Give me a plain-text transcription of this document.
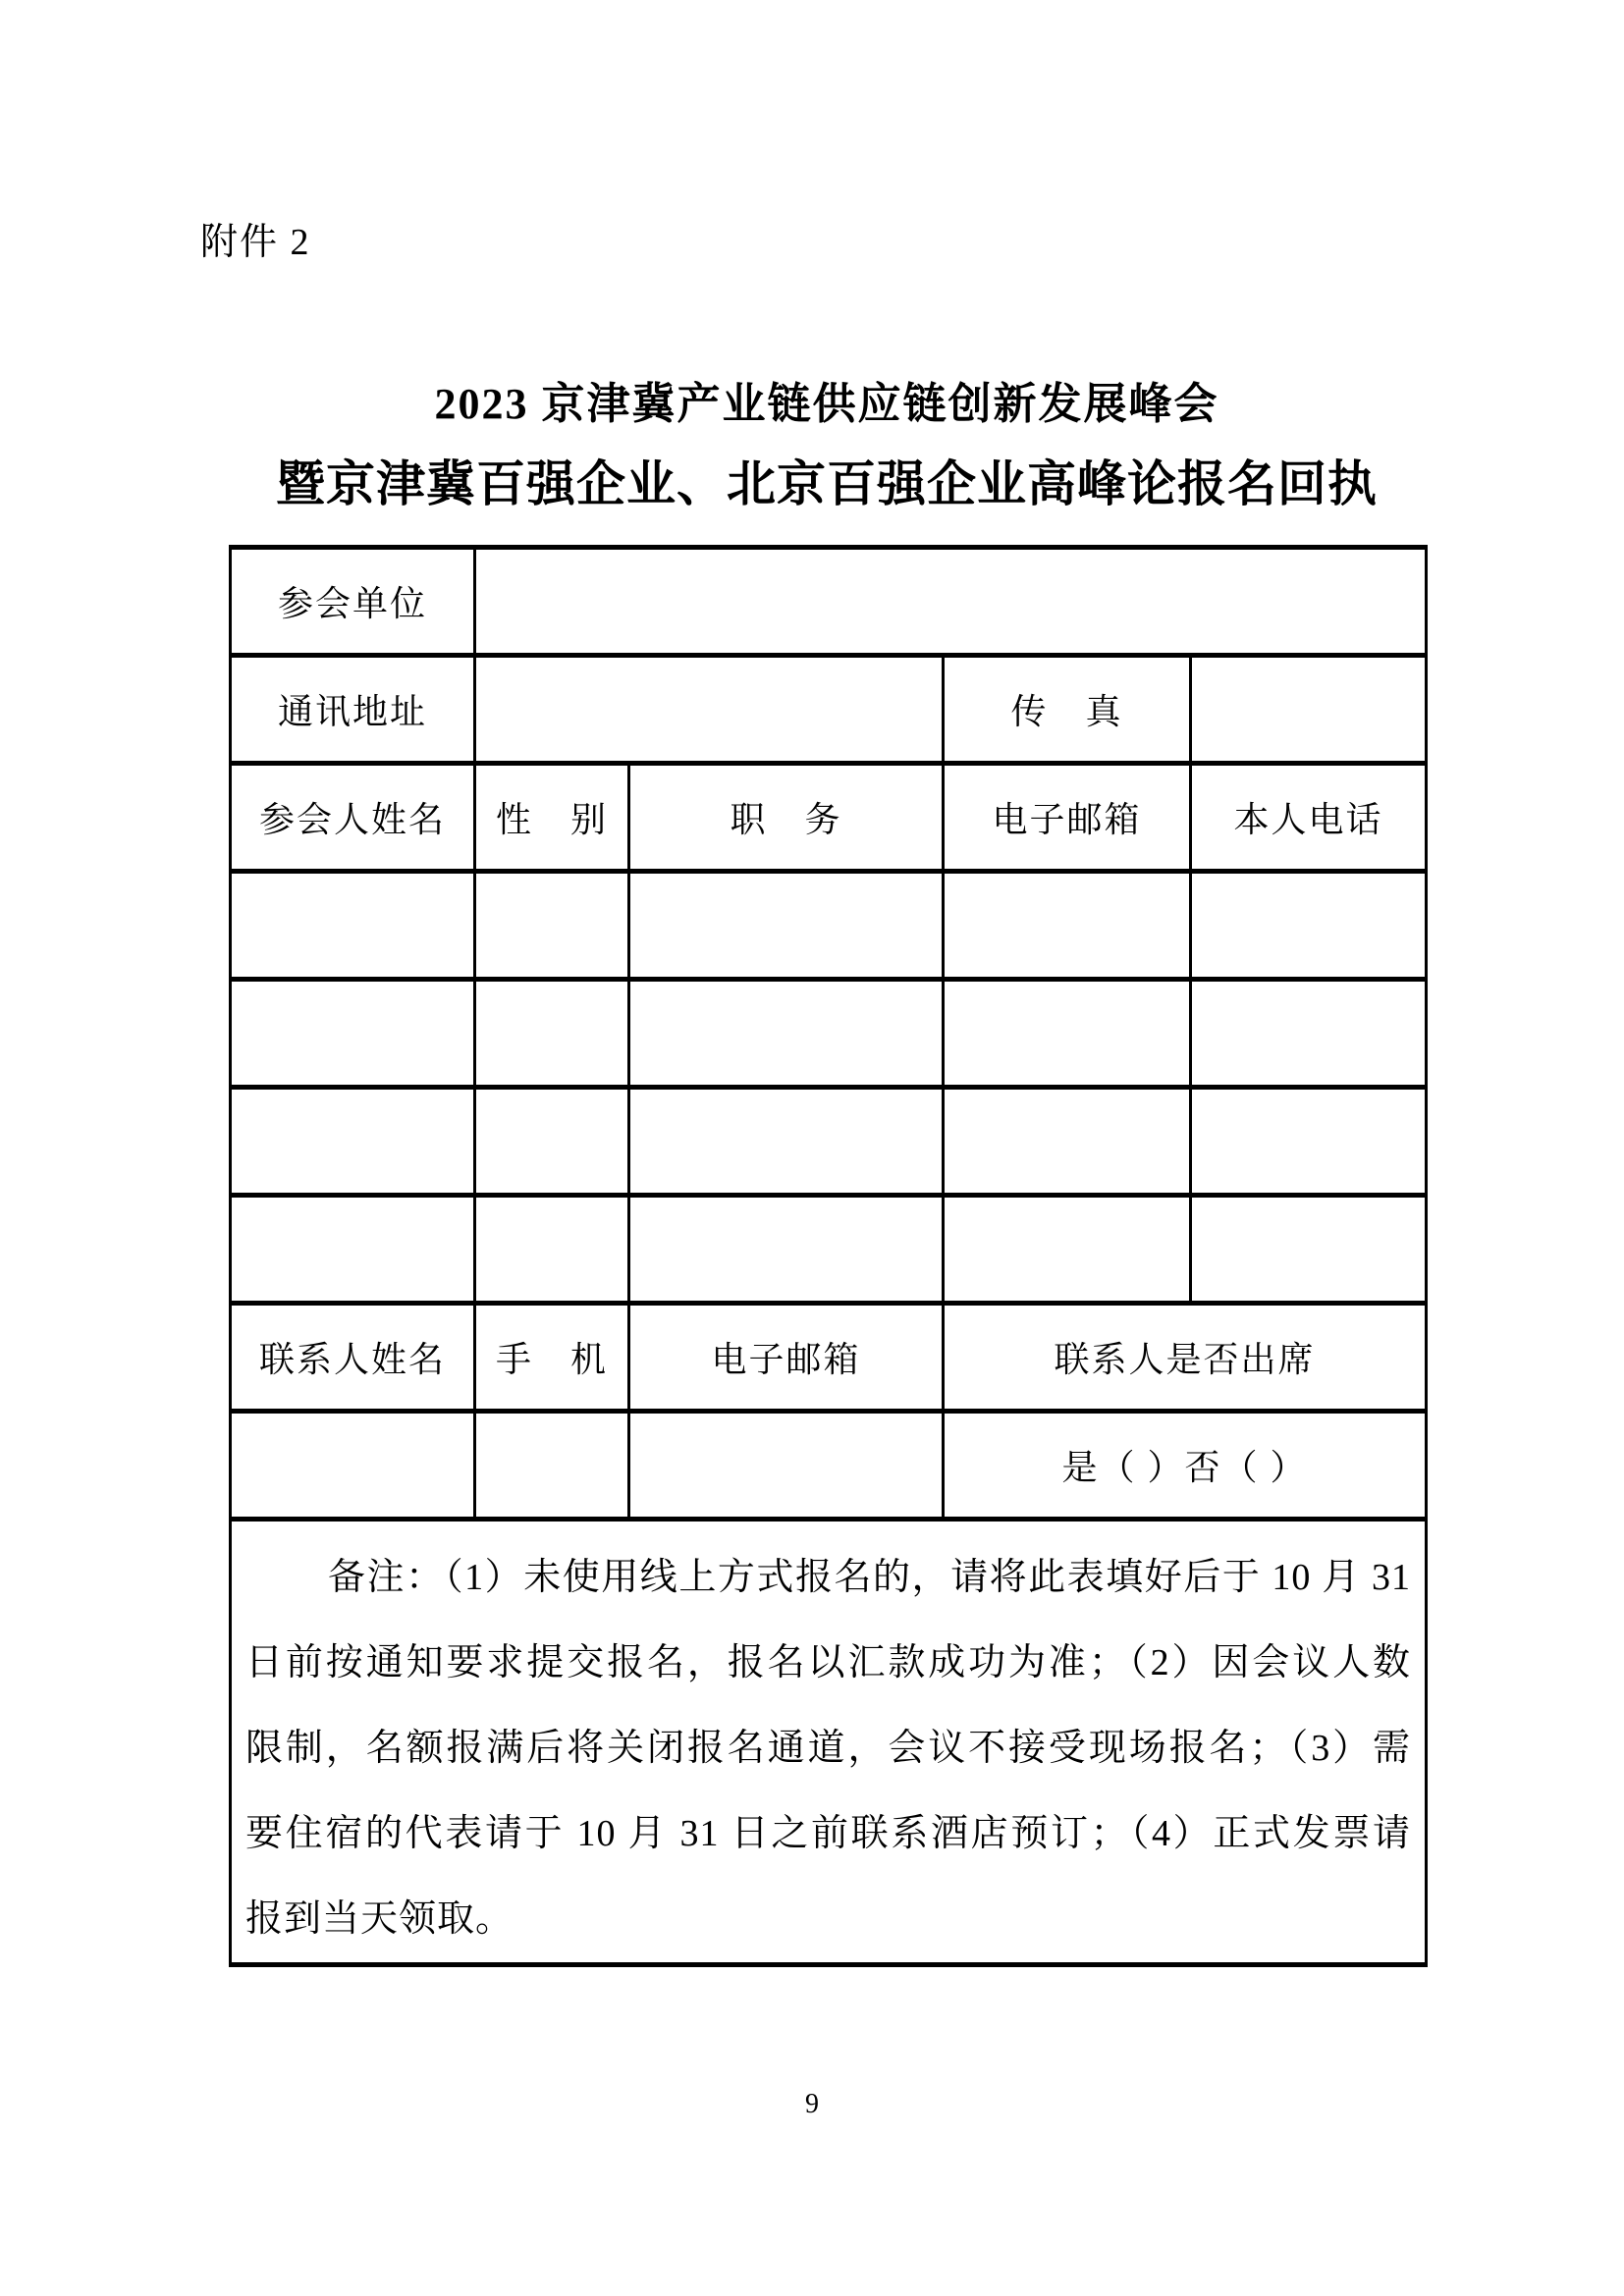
附件 2
2023 京津冀产业链供应链创新发展峰会
暨京津冀百强企业、北京百强企业高峰论报名回执
参会单位				
通讯地址			传　真	
参会人姓名	性　别	职　务	电子邮箱	本人电话

联系人姓名	手　机	电子邮箱	联系人是否出席	
			是（ ）否（ ）	

备注：（1）未使用线上方式报名的，请将此表填好后于 10 月 31
日前按通知要求提交报名，报名以汇款成功为准；（2）因会议人数
限制，名额报满后将关闭报名通道，会议不接受现场报名；（3）需
要住宿的代表请于 10 月 31 日之前联系酒店预订；（4）正式发票请
报到当天领取。				
9
